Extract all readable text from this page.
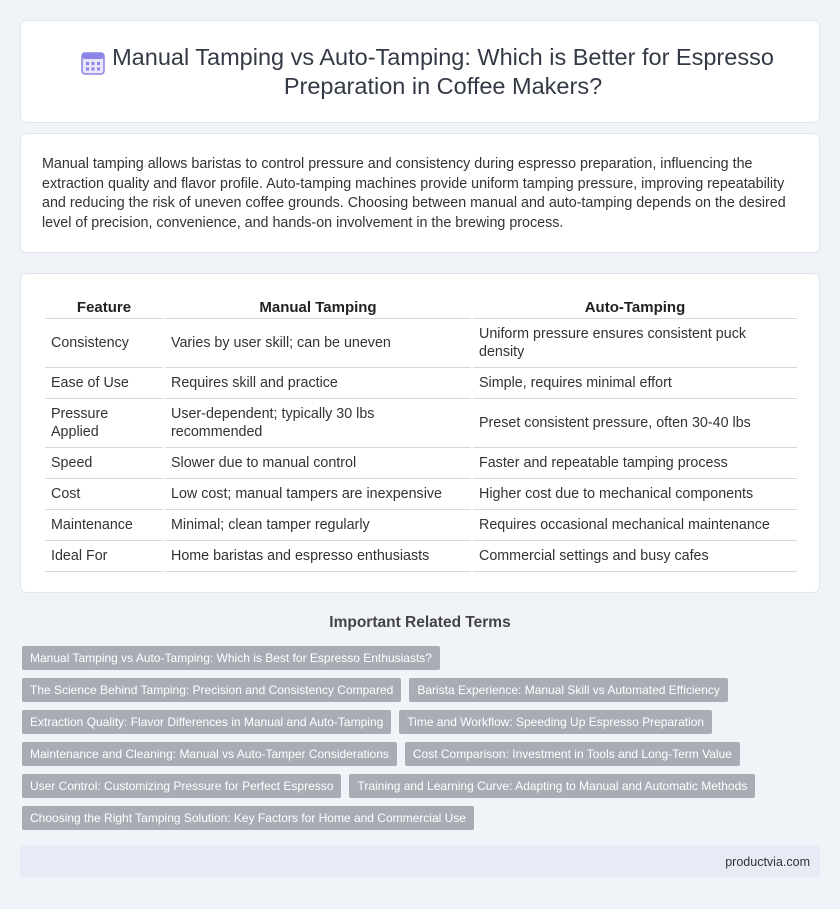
Manual Tamping vs Auto-Tamping: Which is Better for Espresso Preparation in Coffee Makers?

Manual tamping allows baristas to control pressure and consistency during espresso preparation, influencing the extraction quality and flavor profile. Auto-tamping machines provide uniform tamping pressure, improving repeatability and reducing the risk of uneven coffee grounds. Choosing between manual and auto-tamping depends on the desired level of precision, convenience, and hands-on involvement in the brewing process.

Feature	Manual Tamping	Auto-Tamping
Consistency	Varies by user skill; can be uneven	Uniform pressure ensures consistent puck density
Ease of Use	Requires skill and practice	Simple, requires minimal effort
Pressure Applied	User-dependent; typically 30 lbs recommended	Preset consistent pressure, often 30-40 lbs
Speed	Slower due to manual control	Faster and repeatable tamping process
Cost	Low cost; manual tampers are inexpensive	Higher cost due to mechanical components
Maintenance	Minimal; clean tamper regularly	Requires occasional mechanical maintenance
Ideal For	Home baristas and espresso enthusiasts	Commercial settings and busy cafes
Important Related Terms
Manual Tamping vs Auto-Tamping: Which is Best for Espresso Enthusiasts?
The Science Behind Tamping: Precision and Consistency Compared	Barista Experience: Manual Skill vs Automated Efficiency
Extraction Quality: Flavor Differences in Manual and Auto-Tamping	Time and Workflow: Speeding Up Espresso Preparation
Maintenance and Cleaning: Manual vs Auto-Tamper Considerations	Cost Comparison: Investment in Tools and Long-Term Value
User Control: Customizing Pressure for Perfect Espresso	Training and Learning Curve: Adapting to Manual and Automatic Methods
Choosing the Right Tamping Solution: Key Factors for Home and Commercial Use
productvia.com
